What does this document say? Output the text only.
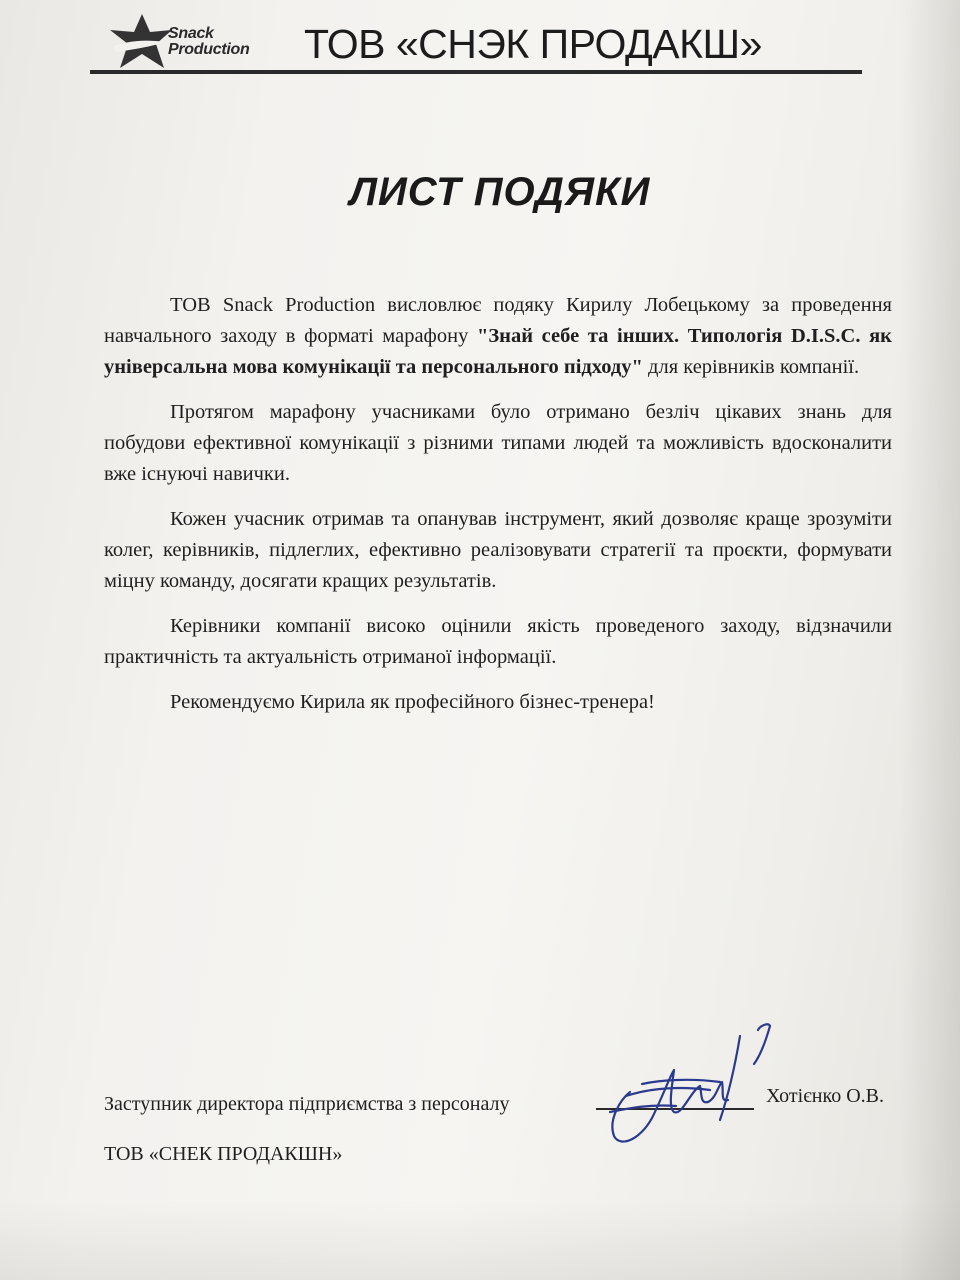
Snack
Production ТОВ «СНЭК ПРОДАКШ»
ЛИСТ ПОДЯКИ

ТОВ Snack Production висловлює подяку Кирилу Лобецькому за проведення навчального заходу в форматі марафону "Знай себе та інших. Типологія D.I.S.C. як універсальна мова комунікації та персонального підходу" для керівників компанії.

Протягом марафону учасниками було отримано безліч цікавих знань для побудови ефективної комунікації з різними типами людей та можливість вдосконалити вже існуючі навички.

Кожен учасник отримав та опанував інструмент, який дозволяє краще зрозуміти колег, керівників, підлеглих, ефективно реалізовувати стратегії та проєкти, формувати міцну команду, досягати кращих результатів.

Керівники компанії високо оцінили якість проведеного заходу, відзначили практичність та актуальність отриманої інформації.

Рекомендуємо Кирила як професійного бізнес-тренера!

Заступник директора підприємства з персоналу	Хотієнко О.В.
ТОВ «СНЕК ПРОДАКШН»
